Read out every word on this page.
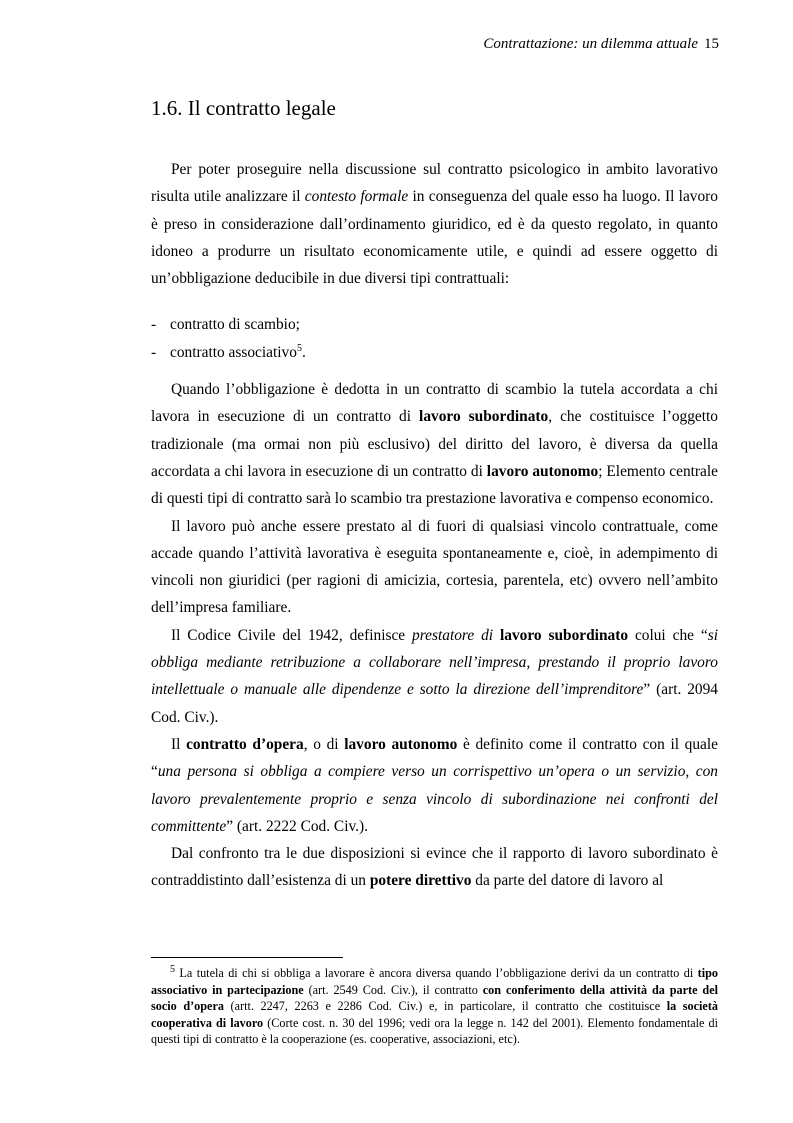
Contrattazione: un dilemma attuale 15
1.6. Il contratto legale

Per poter proseguire nella discussione sul contratto psicologico in ambito lavorativo risulta utile analizzare il contesto formale in conseguenza del quale esso ha luogo. Il lavoro è preso in considerazione dall’ordinamento giuridico, ed è da questo regolato, in quanto idoneo a produrre un risultato economicamente utile, e quindi ad essere oggetto di un’obbligazione deducibile in due diversi tipi contrattuali:

- contratto di scambio;
- contratto associativo$^5$.

Quando l’obbligazione è dedotta in un contratto di scambio la tutela accordata a chi lavora in esecuzione di un contratto di lavoro subordinato, che costituisce l’oggetto tradizionale (ma ormai non più esclusivo) del diritto del lavoro, è diversa da quella accordata a chi lavora in esecuzione di un contratto di lavoro autonomo; Elemento centrale di questi tipi di contratto sarà lo scambio tra prestazione lavorativa e compenso economico.

Il lavoro può anche essere prestato al di fuori di qualsiasi vincolo contrattuale, come accade quando l’attività lavorativa è eseguita spontaneamente e, cioè, in adempimento di vincoli non giuridici (per ragioni di amicizia, cortesia, parentela, etc) ovvero nell’ambito dell’impresa familiare.

Il Codice Civile del 1942, definisce prestatore di lavoro subordinato colui che “si obbliga mediante retribuzione a collaborare nell’impresa, prestando il proprio lavoro intellettuale o manuale alle dipendenze e sotto la direzione dell’imprenditore” (art. 2094 Cod. Civ.).

Il contratto d’opera, o di lavoro autonomo è definito come il contratto con il quale “una persona si obbliga a compiere verso un corrispettivo un’opera o un servizio, con lavoro prevalentemente proprio e senza vincolo di subordinazione nei confronti del committente” (art. 2222 Cod. Civ.).

Dal confronto tra le due disposizioni si evince che il rapporto di lavoro subordinato è contraddistinto dall’esistenza di un potere direttivo da parte del datore di lavoro al

$^5$ La tutela di chi si obbliga a lavorare è ancora diversa quando l’obbligazione derivi da un contratto di tipo associativo in partecipazione (art. 2549 Cod. Civ.), il contratto con conferimento della attività da parte del socio d’opera (artt. 2247, 2263 e 2286 Cod. Civ.) e, in particolare, il contratto che costituisce la società cooperativa di lavoro (Corte cost. n. 30 del 1996; vedi ora la legge n. 142 del 2001). Elemento fondamentale di questi tipi di contratto è la cooperazione (es. cooperative, associazioni, etc).
